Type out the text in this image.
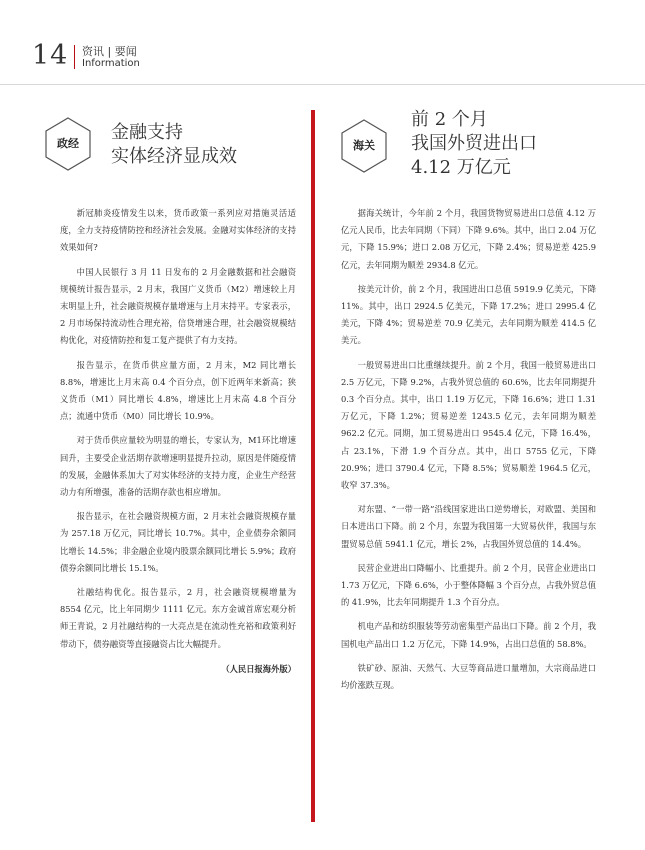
14 资讯 | 要闻
Information
政经
金融支持
实体经济显成效
海关
前 2 个月
我国外贸进出口
4.12 万亿元

新冠肺炎疫情发生以来，货币政策一系列应对措施灵活适度，全力支持疫情防控和经济社会发展。金融对实体经济的支持效果如何?

中国人民银行 3 月 11 日发布的 2 月金融数据和社会融资规模统计报告显示，2 月末，我国广义货币（M2）增速较上月末明显上升，社会融资规模存量增速与上月末持平。专家表示，2 月市场保持流动性合理充裕，信贷增速合理，社会融资规模结构优化，对疫情防控和复工复产提供了有力支持。

报告显示，在货币供应量方面，2 月末，M2 同比增长 8.8%，增速比上月末高 0.4 个百分点，创下近两年来新高；狭义货币（M1）同比增长 4.8%，增速比上月末高 4.8 个百分点；流通中货币（M0）同比增长 10.9%。

对于货币供应量较为明显的增长，专家认为，M1环比增速回升，主要受企业活期存款增速明显提升拉动，原因是伴随疫情的发展，金融体系加大了对实体经济的支持力度，企业生产经营动力有所增强，准备的活期存款也相应增加。

报告显示，在社会融资规模方面，2 月末社会融资规模存量为 257.18 万亿元，同比增长 10.7%。其中，企业债券余额同比增长 14.5%；非金融企业境内股票余额同比增长 5.9%；政府债券余额同比增长 15.1%。

社融结构优化。报告显示，2 月，社会融资规模增量为 8554 亿元，比上年同期少 1111 亿元。东方金诚首席宏观分析师王青说，2 月社融结构的一大亮点是在流动性充裕和政策利好带动下，债券融资等直接融资占比大幅提升。

（人民日报海外版）

据海关统计，今年前 2 个月，我国货物贸易进出口总值 4.12 万亿元人民币，比去年同期（下同）下降 9.6%。其中，出口 2.04 万亿元，下降 15.9%；进口 2.08 万亿元，下降 2.4%；贸易逆差 425.9 亿元，去年同期为顺差 2934.8 亿元。

按美元计价，前 2 个月，我国进出口总值 5919.9 亿美元，下降 11%。其中，出口 2924.5 亿美元，下降 17.2%；进口 2995.4 亿美元，下降 4%；贸易逆差 70.9 亿美元，去年同期为顺差 414.5 亿美元。

一般贸易进出口比重继续提升。前 2 个月，我国一般贸易进出口 2.5 万亿元，下降 9.2%，占我外贸总值的 60.6%，比去年同期提升 0.3 个百分点。其中，出口 1.19 万亿元，下降 16.6%；进口 1.31 万亿元，下降 1.2%；贸易逆差 1243.5 亿元，去年同期为顺差 962.2 亿元。同期，加工贸易进出口 9545.4 亿元，下降 16.4%，占 23.1%，下滑 1.9 个百分点。其中，出口 5755 亿元，下降 20.9%；进口 3790.4 亿元，下降 8.5%；贸易顺差 1964.5 亿元，收窄 37.3%。

对东盟、“一带一路”沿线国家进出口逆势增长，对欧盟、美国和日本进出口下降。前 2 个月，东盟为我国第一大贸易伙伴，我国与东盟贸易总值 5941.1 亿元，增长 2%，占我国外贸总值的 14.4%。

民营企业进出口降幅小、比重提升。前 2 个月，民营企业进出口 1.73 万亿元，下降 6.6%，小于整体降幅 3 个百分点，占我外贸总值的 41.9%，比去年同期提升 1.3 个百分点。

机电产品和纺织服装等劳动密集型产品出口下降。前 2 个月，我国机电产品出口 1.2 万亿元，下降 14.9%，占出口总值的 58.8%。

铁矿砂、原油、天然气、大豆等商品进口量增加，大宗商品进口均价涨跌互现。
